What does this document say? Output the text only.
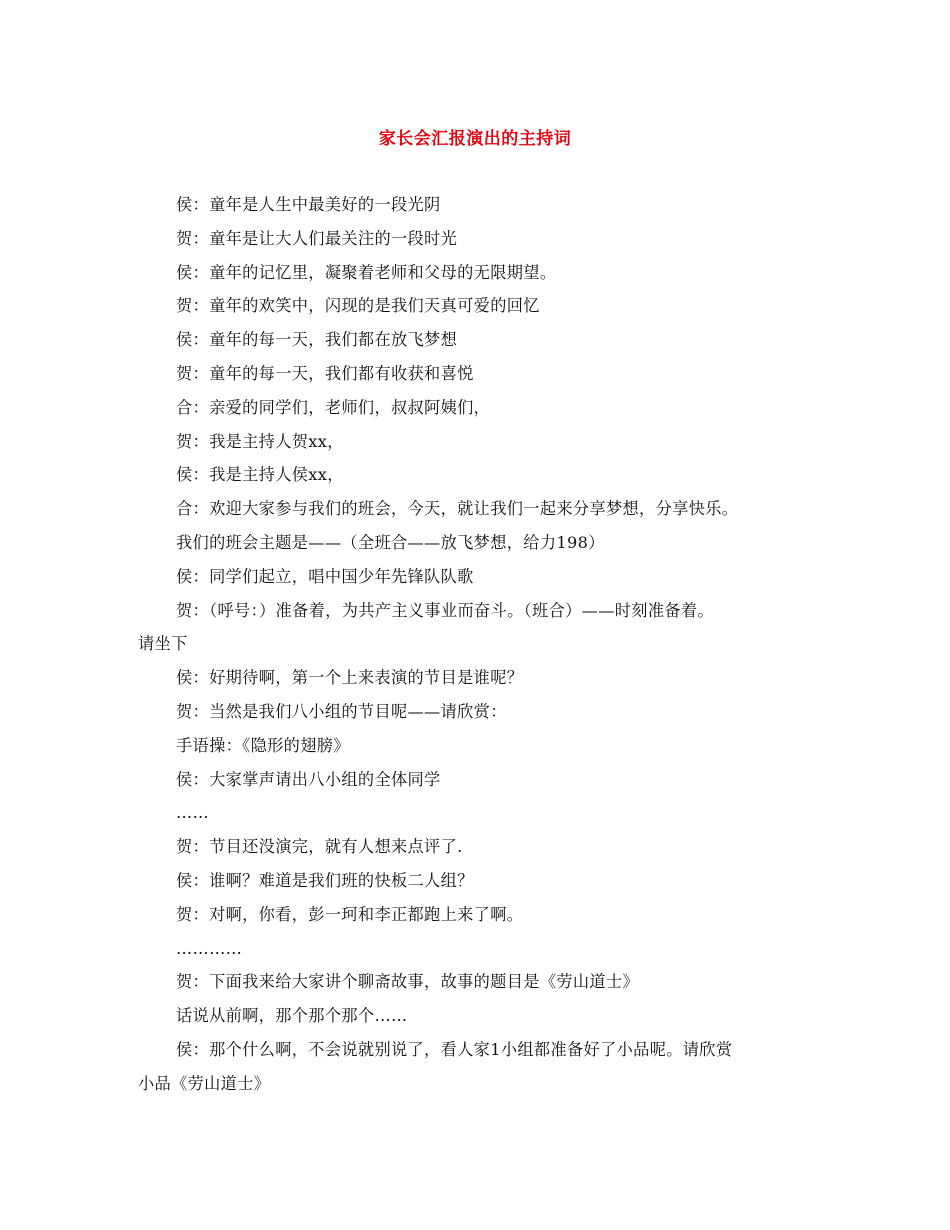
家长会汇报演出的主持词

侯：童年是人生中最美好的一段光阴

贺：童年是让大人们最关注的一段时光

侯：童年的记忆里，凝聚着老师和父母的无限期望。

贺：童年的欢笑中，闪现的是我们天真可爱的回忆

侯：童年的每一天，我们都在放飞梦想

贺：童年的每一天，我们都有收获和喜悦

合：亲爱的同学们，老师们，叔叔阿姨们，

贺：我是主持人贺xx，

侯：我是主持人侯xx，

合：欢迎大家参与我们的班会，今天，就让我们一起来分享梦想，分享快乐。

我们的班会主题是——（全班合——放飞梦想，给力198）

侯：同学们起立，唱中国少年先锋队队歌

贺：（呼号：）准备着，为共产主义事业而奋斗。（班合）——时刻准备着。

请坐下

侯：好期待啊，第一个上来表演的节目是谁呢？

贺：当然是我们八小组的节目呢——请欣赏：

手语操：《隐形的翅膀》

侯：大家掌声请出八小组的全体同学

……

贺：节目还没演完，就有人想来点评了.

侯：谁啊？难道是我们班的快板二人组？

贺：对啊，你看，彭一珂和李正都跑上来了啊。

…………

贺：下面我来给大家讲个聊斋故事，故事的题目是《劳山道士》

话说从前啊，那个那个那个……

侯：那个什么啊，不会说就别说了，看人家1小组都准备好了小品呢。请欣赏

小品《劳山道士》
